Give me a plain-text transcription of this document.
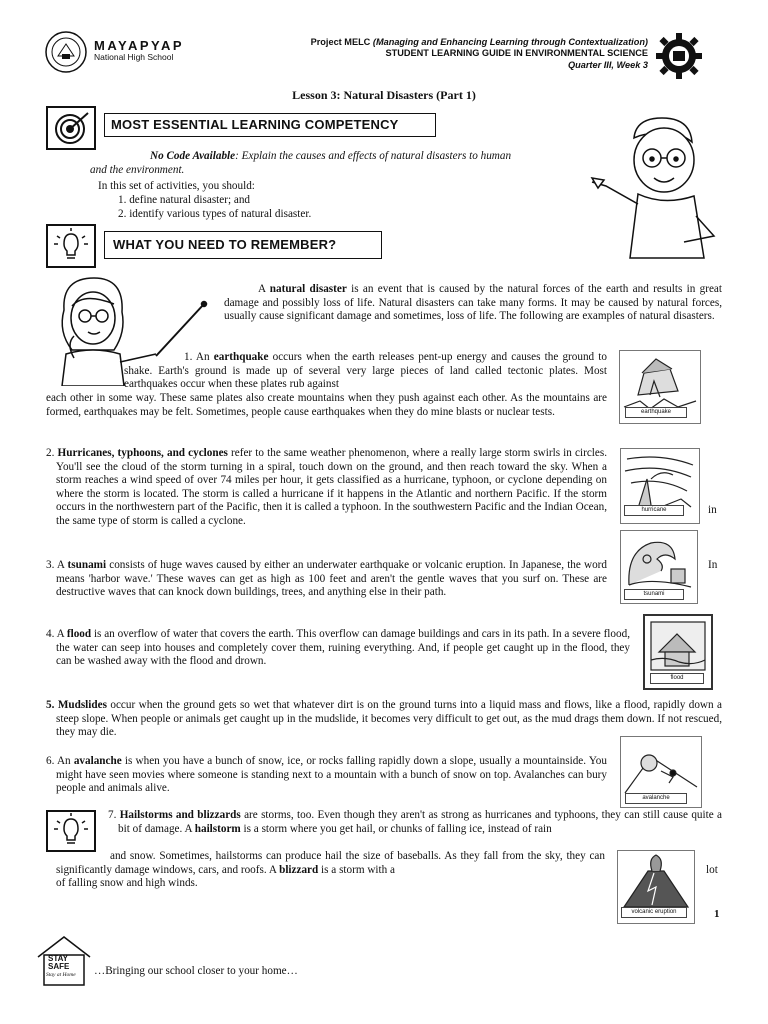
MAYAPYAP
National High School
Project MELC (Managing and Enhancing Learning through Contextualization)
STUDENT LEARNING GUIDE IN ENVIRONMENTAL SCIENCE
Quarter III, Week 3
Lesson 3: Natural Disasters (Part 1)
MOST ESSENTIAL LEARNING COMPETENCY
No Code Available: Explain the causes and effects of natural disasters to human
and the environment.
In this set of activities, you should:
1. define natural disaster; and
2. identify various types of natural disaster.
WHAT YOU NEED TO REMEMBER?
A natural disaster is an event that is caused by the natural forces of the earth and results in great damage and possibly loss of life. Natural disasters can take many forms. It may be caused by natural forces, usually cause significant damage and sometimes, loss of life. The following are examples of natural disasters.
1. An earthquake occurs when the earth releases pent-up energy and causes the ground to shake. Earth's ground is made up of several very large pieces of land called tectonic plates. Most earthquakes occur when these plates rub against
each other in some way. These same plates also create mountains when they push against each other. As the mountains are formed, earthquakes may be felt. Sometimes, people cause earthquakes when they do mine blasts or nuclear tests.	earthquake
2. Hurricanes, typhoons, and cyclones refer to the same weather phenomenon, where a really large storm swirls in circles. You'll see the cloud of the storm turning in a spiral, touch down on the ground, and then reach toward the sky. When a storm reaches a wind speed of over 74 miles per hour, it gets classified as a hurricane, typhoon, or cyclone depending on where the storm is located. The storm is called a hurricane if it happens in the Atlantic and northern Pacific. If the storm occurs in the northwestern part of the Pacific, then it is called a typhoon. In the southwestern Pacific and the Indian Ocean, the same type of storm is called a cyclone.
hurricane	in
3. A tsunami consists of huge waves caused by either an underwater earthquake or volcanic eruption. In Japanese, the word means 'harbor wave.' These waves can get as high as 100 feet and aren't the gentle waves that you surf on. These are destructive waves that can knock down buildings, trees, and anything else in their path.	tsunami
In
4. A flood is an overflow of water that covers the earth. This overflow can damage buildings and cars in its path. In a severe flood, the water can seep into houses and completely cover them, ruining everything. And, if people get caught up in the flood, they can be washed away with the flood and drown.
flood
5. Mudslides occur when the ground gets so wet that whatever dirt is on the ground turns into a liquid mass and flows, like a flood, rapidly down a steep slope. When people or animals get caught up in the mudslide, it becomes very difficult to get out, as the mud drags them down. If not rescued, they may die.
6. An avalanche is when you have a bunch of snow, ice, or rocks falling rapidly down a slope, usually a mountainside. You might have seen movies where someone is standing next to a mountain with a bunch of snow on top. Avalanches can bury people and animals alive.
avalanche
7. Hailstorms and blizzards are storms, too. Even though they aren't as strong as hurricanes and typhoons, they can still cause quite a bit of damage. A hailstorm is a storm where you get hail, or chunks of falling ice, instead of rain
and snow. Sometimes, hailstorms can produce hail the size of baseballs. As they fall from the sky, they can significantly damage windows, cars, and roofs. A blizzard is a storm with a
of falling snow and high winds.
lot
volcanic eruption	1
STAY
SAFE
Stay at Home …Bringing our school closer to your home…
